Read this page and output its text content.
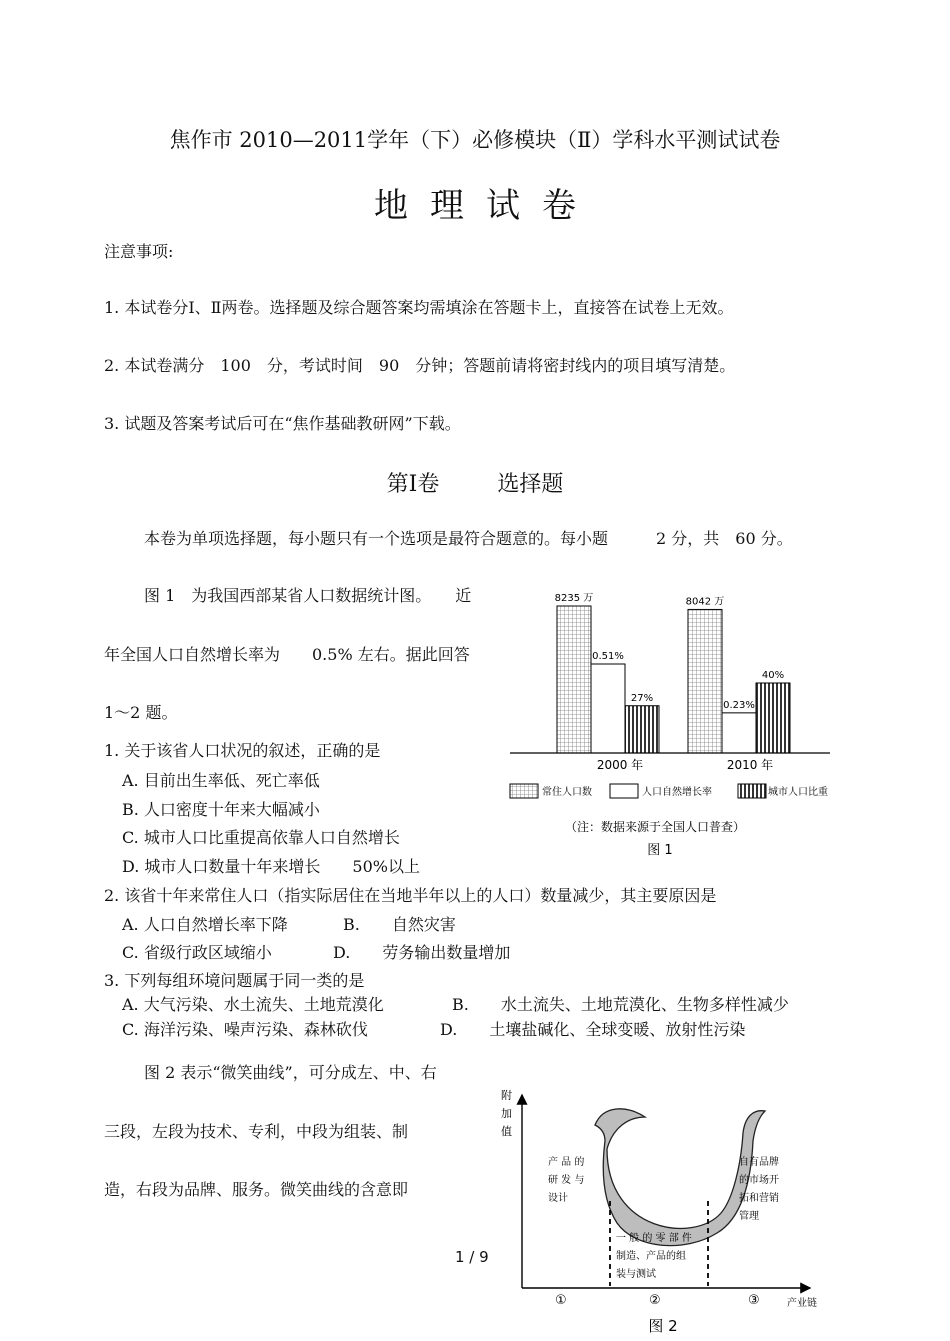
焦作市 2010—2011学年（下）必修模块（Ⅱ）学科水平测试试卷
地理试卷
注意事项:
1. 本试卷分Ⅰ、Ⅱ两卷。选择题及综合题答案均需填涂在答题卡上，直接答在试卷上无效。
2. 本试卷满分　100　分，考试时间　90　分钟；答题前请将密封线内的项目填写清楚。
3. 试题及答案考试后可在“焦作基础教研网”下载。
第Ⅰ卷	选择题
本卷为单项选择题，每小题只有一个选项是最符合题意的。每小题　　　2 分，共　60 分。
图 1　为我国西部某省人口数据统计图。　　近
年全国人口自然增长率为　　0.5% 左右。据此回答
1～2 题。
1. 关于该省人口状况的叙述，正确的是
A. 目前出生率低、死亡率低
B. 人口密度十年来大幅减小
C. 城市人口比重提高依靠人口自然增长
D. 城市人口数量十年来增长　　50%以上
2. 该省十年来常住人口（指实际居住在当地半年以上的人口）数量减少，其主要原因是
A. 人口自然增长率下降	B.　　自然灾害
C. 省级行政区域缩小	D.　　劳务输出数量增加
3. 下列每组环境问题属于同一类的是
A. 大气污染、水土流失、土地荒漠化	B.　　水土流失、土地荒漠化、生物多样性减少
C. 海洋污染、噪声污染、森林砍伐	D.　　土壤盐碱化、全球变暖、放射性污染
图 2 表示“微笑曲线”，可分成左、中、右
三段，左段为技术、专利，中段为组装、制
造，右段为品牌、服务。微笑曲线的含意即
1 / 9
8235 万
0.51%
27%
8042 万
0.23%
40%
2000 年	2010 年
常住人口数	人口自然增长率	城市人口比重
（注：数据来源于全国人口普查）
图 1
附
加
值
产业链
产 品 的
研 发 与
设计
自有品牌
的市场开
拓和营销
管理
一 般 的 零 部 件
制造、产品的组
装与测试
①	②	③
图 2
